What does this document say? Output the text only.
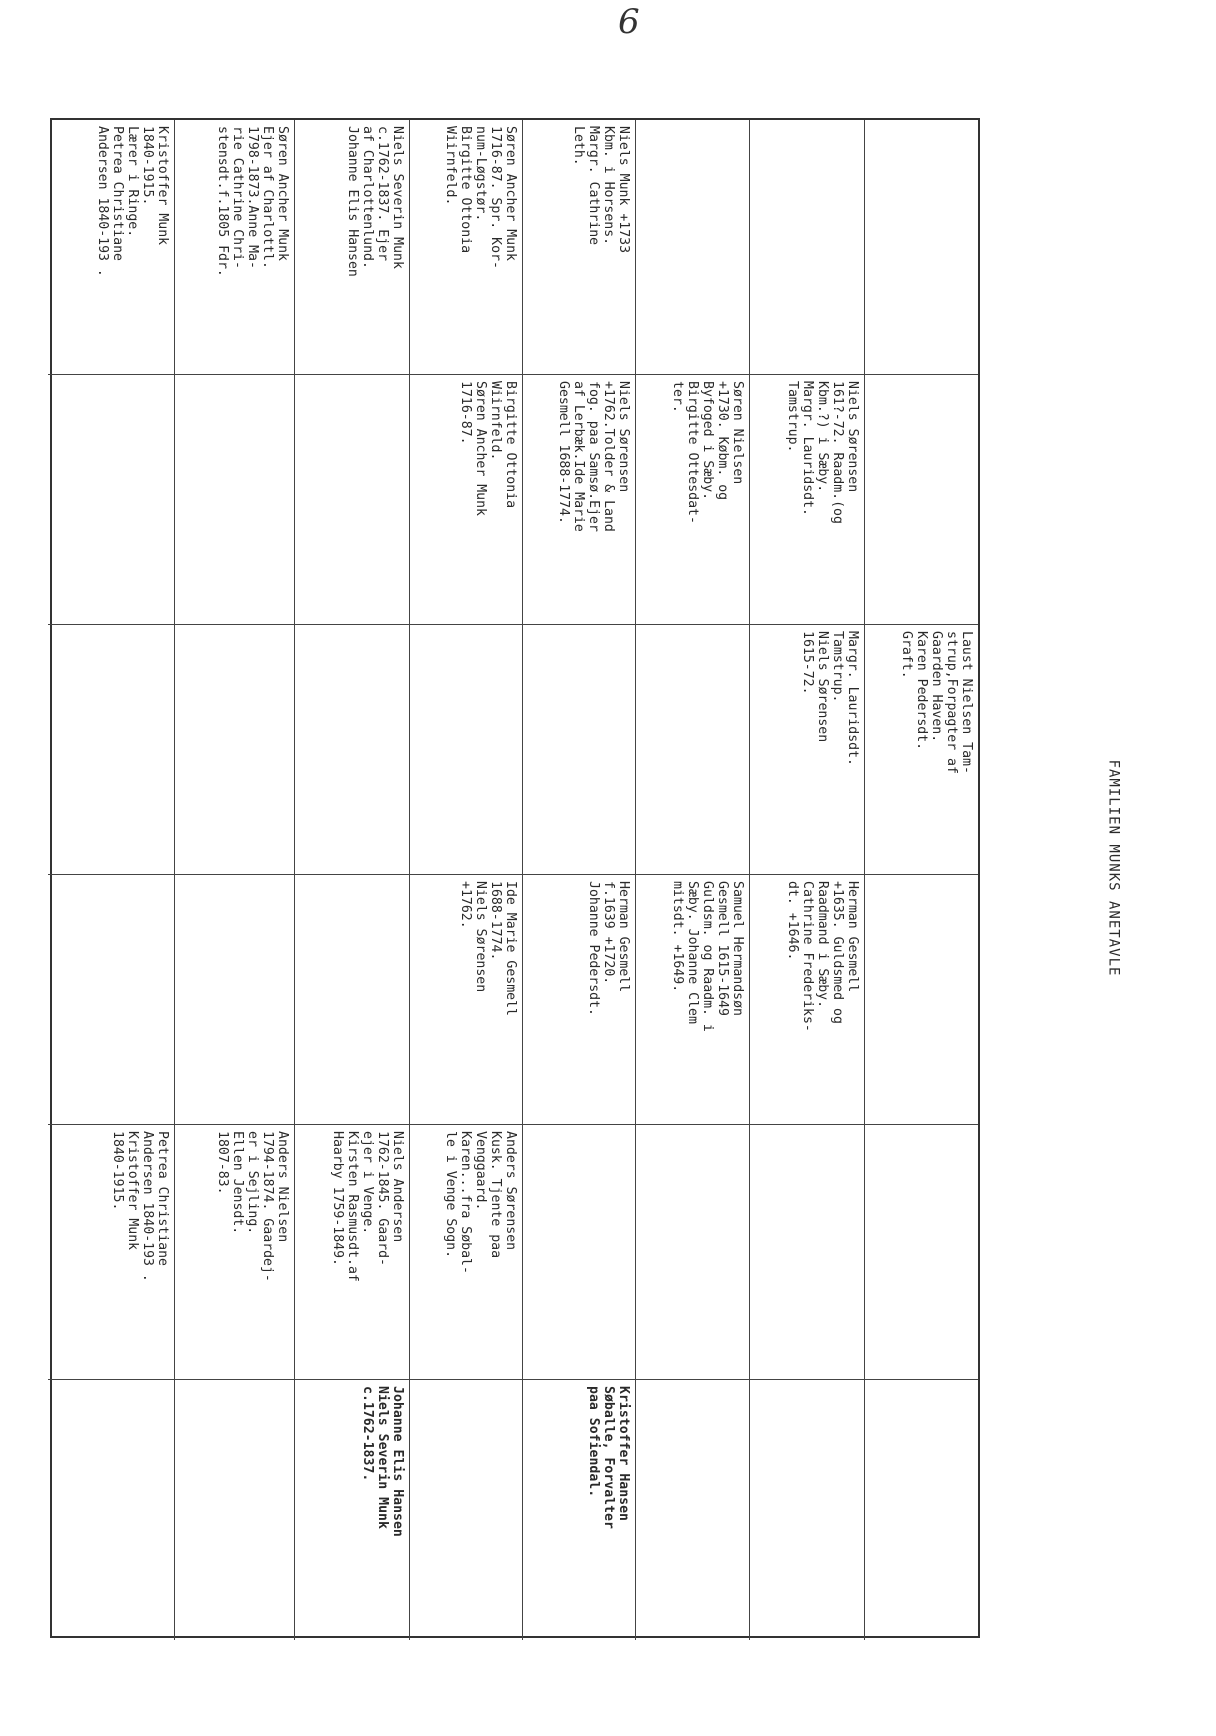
6
FAMILIEN MUNKS ANETAVLE
Laust Nielsen Tam-
strup,Forpagter af
Gaarden Haven.
Karen Pedersdt.
Graft.
Niels Sørensen
161?-72. Raadm.(og
Kbm.?) i Sæby.
Margr. Lauridsdt.
Tamstrup.
Margr. Lauridsdt.
Tamstrup.
Niels Sørensen
1615-72.
Herman Gesmell
+1635. Guldsmed og
Raadmand i Sæby.
Cathrine Frederiks-
dt. +1646.
Søren Nielsen
+1730. Købm. og
Byfoged i Sæby.
Birgitte Ottesdat-
ter.
Samuel Hermandsøn
Gesmell 1615-1649
Guldsm. og Raadm. i
Sæby. Johanne Clem
mitsdt. +1649.
Niels Munk +1733
Kbm. i Horsens.
Margr. Cathrine
Leth.
Niels Sørensen
+1762.Tolder & Land
fog. paa Samsø.Ejer
af Lerbæk.Ide Marie
Gesmell 1688-1774.
Herman Gesmell
f.1639 +1720.
Johanne Pedersdt.
Kristoffer Hansen
Søballe, Forvalter
paa Sofiendal.
Søren Ancher Munk
1716-87. Spr. Kor-
num-Løgstør.
Birgitte Ottonia
Wiirnfeld.
Birgitte Ottonia
Wiirnfeld.
Søren Ancher Munk
1716-87.
Ide Marie Gesmell
1688-1774.
Niels Sørensen
+1762.
Anders Sørensen
Kusk. Tjente paa
Venggaard.
Karen...fra Søbal-
le i Venge Sogn.
Niels Severin Munk
c.1762-1837. Ejer
af Charlottenlund.
Johanne Elis Hansen
Niels Andersen
1762-1845. Gaard-
ejer i Venge.
Kirsten Rasmusdt.af
Haarby 1759-1849.
Johanne Elis Hansen
Niels Severin Munk
c.1762-1837.
Søren Ancher Munk
Ejer af Charlottl.
1798-1873.Anne Ma-
rie Cathrine Chri-
stensdt.f.1805 Fdr.
Anders Nielsen
1794-1874. Gaardej-
er i Sejling.
Ellen Jensdt.
1807-83.
Kristoffer Munk
1840-1915.
Lærer i Ringe.
Petrea Christiane
Andersen 1840-193 .
Petrea Christiane
Andersen 1840-193 .
Kristoffer Munk
1840-1915.
